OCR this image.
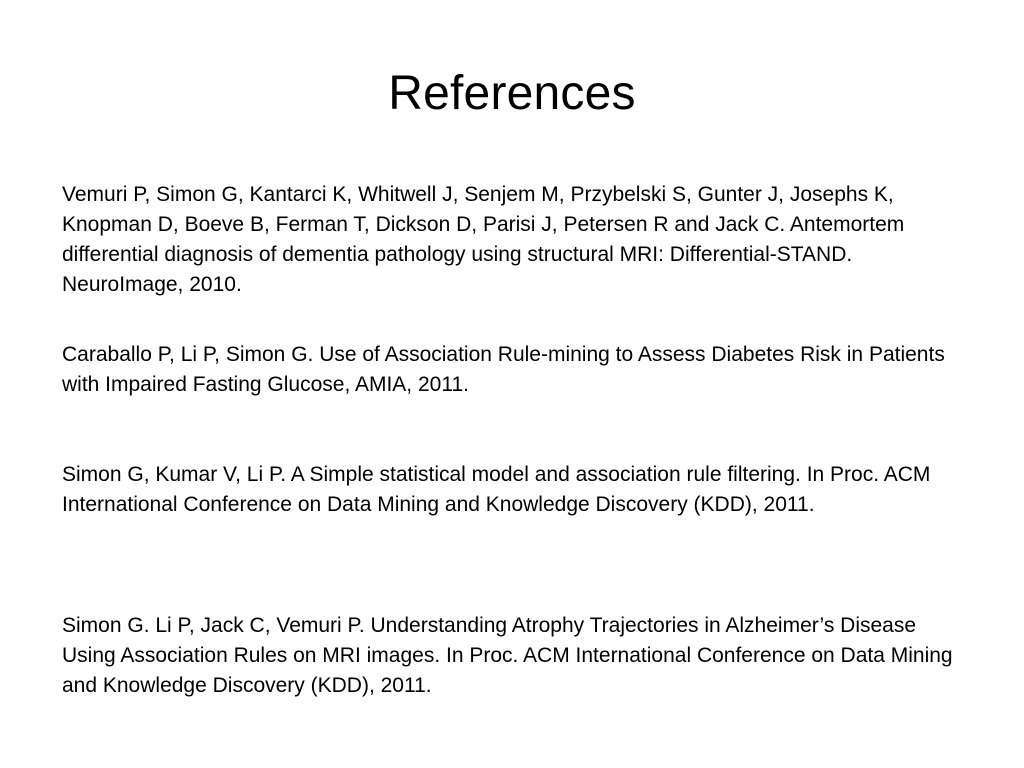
References

Vemuri P, Simon G, Kantarci K, Whitwell J, Senjem M, Przybelski S, Gunter J, Josephs K, Knopman D, Boeve B, Ferman T, Dickson D, Parisi J, Petersen R and Jack C. Antemortem differential diagnosis of dementia pathology using structural MRI: Differential-STAND. NeuroImage, 2010.

Caraballo P, Li P, Simon G. Use of Association Rule-mining to Assess Diabetes Risk in Patients with Impaired Fasting Glucose, AMIA, 2011.

Simon G, Kumar V, Li P. A Simple statistical model and association rule filtering. In Proc. ACM International Conference on Data Mining and Knowledge Discovery (KDD), 2011.

Simon G. Li P, Jack C, Vemuri P. Understanding Atrophy Trajectories in Alzheimer’s Disease Using Association Rules on MRI images. In Proc. ACM International Conference on Data Mining and Knowledge Discovery (KDD), 2011.
